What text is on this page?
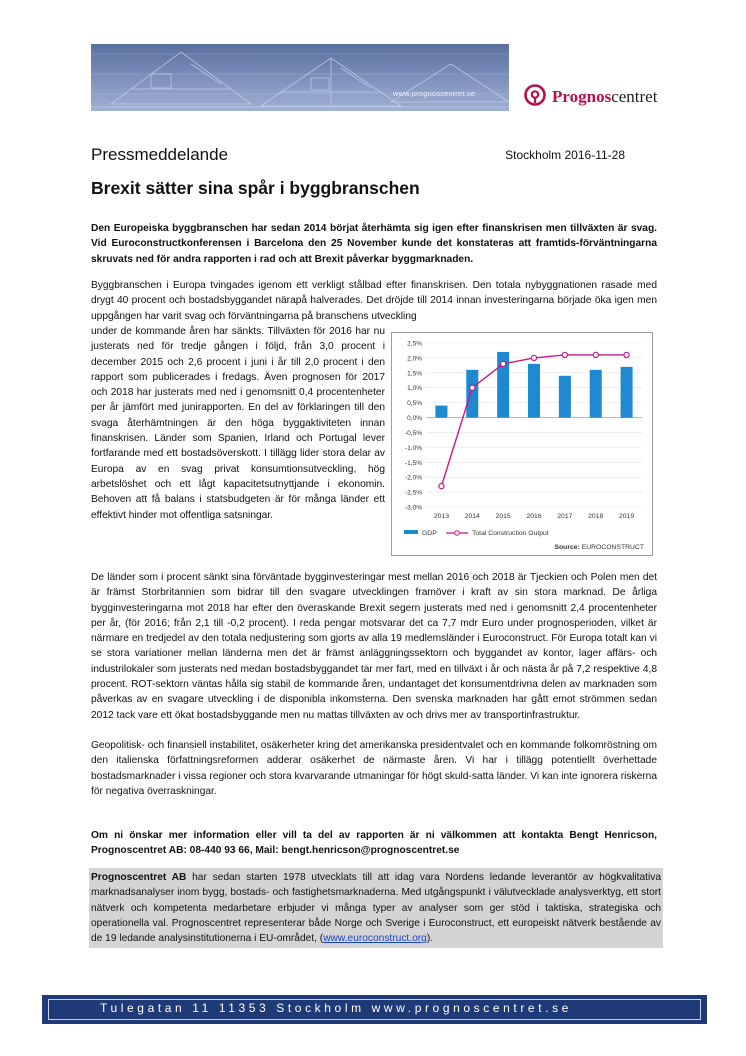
www.prognoscentret.se	Prognoscentret
Pressmeddelande	Stockholm 2016-11-28
Brexit sätter sina spår i byggbranschen

Den Europeiska byggbranschen har sedan 2014 börjat återhämta sig igen efter finanskrisen men tillväxten är svag. Vid Euroconstructkonferensen i Barcelona den 25 November kunde det konstateras att framtids-förväntningarna skruvats ned för andra rapporten i rad och att Brexit påverkar byggmarknaden.

Byggbranschen i Europa tvingades igenom ett verkligt stålbad efter finanskrisen. Den totala nybyggnationen rasade med drygt 40 procent och bostadsbyggandet närapå halverades. Det dröjde till 2014 innan investeringarna började öka igen men uppgången har varit svag och förväntningarna på branschens utveckling

under de kommande åren har sänkts. Tillväxten för 2016 har nu justerats ned för tredje gången i följd, från 3,0 procent i december 2015 och 2,6 procent i juni i år till 2,0 procent i den rapport som publicerades i fredags. Även prognosen för 2017 och 2018 har justerats med ned i genomsnitt 0,4 procentenheter per år jämfört med junirapporten. En del av förklaringen till den svaga återhämtningen är den höga byggaktiviteten innan finanskrisen. Länder som Spanien, Irland och Portugal lever fortfarande med ett bostadsöverskott. I tillägg lider stora delar av Europa av en svag privat konsumtionsutveckling, hög arbetslöshet och ett lågt kapacitetsutnyttjande i ekonomin. Behoven att få balans i statsbudgeten är för många länder ett effektivt hinder mot offentliga satsningar.
2,5%
2,0%
1,5%
1,0%
0,5%
0,0%
-0,5%
-1,0%
-1,5%
-2,0%
-2,5%
-3,0%
2013 2014 2015 2016 2017 2018 2019
GDP	Total Construction Output
Source: EUROCONSTRUCT

De länder som i procent sänkt sina förväntade bygginvesteringar mest mellan 2016 och 2018 är Tjeckien och Polen men det är främst Storbritannien som bidrar till den svagare utvecklingen framöver i kraft av sin stora marknad. De årliga bygginvesteringarna mot 2018 har efter den överaskande Brexit segern justerats med ned i genomsnitt 2,4 procentenheter per år, (för 2016; från 2,1 till -0,2 procent). I reda pengar motsvarar det ca 7,7 mdr Euro under prognosperioden, vilket är närmare en tredjedel av den totala nedjustering som gjorts av alla 19 medlemsländer i Euroconstruct. För Europa totalt kan vi se stora variationer mellan länderna men det är främst anläggningssektorn och byggandet av kontor, lager affärs- och industrilokaler som justerats ned medan bostadsbyggandet tar mer fart, med en tillväxt i år och nästa år på 7,2 respektive 4,8 procent. ROT-sektorn väntas hålla sig stabil de kommande åren, undantaget det konsumentdrivna delen av marknaden som påverkas av en svagare utveckling i de disponibla inkomsterna. Den svenska marknaden har gått emot strömmen sedan 2012 tack vare ett ökat bostadsbyggande men nu mattas tillväxten av och drivs mer av transportinfrastruktur.

Geopolitisk- och finansiell instabilitet, osäkerheter kring det amerikanska presidentvalet och en kommande folkomröstning om den italienska författningsreformen adderar osäkerhet de närmaste åren. Vi har i tillägg potentiellt överhettade bostadsmarknader i vissa regioner och stora kvarvarande utmaningar för högt skuld-satta länder. Vi kan inte ignorera riskerna för negativa överraskningar.

Om ni önskar mer information eller vill ta del av rapporten är ni välkommen att kontakta Bengt Henricson, Prognoscentret AB: 08-440 93 66, Mail: bengt.henricson@prognoscentret.se

Prognoscentret AB har sedan starten 1978 utvecklats till att idag vara Nordens ledande leverantör av högkvalitativa marknadsanalyser inom bygg, bostads- och fastighetsmarknaderna. Med utgångspunkt i välutvecklade analysverktyg, ett stort nätverk och kompetenta medarbetare erbjuder vi många typer av analyser som ger stöd i taktiska, strategiska och operationella val. Prognoscentret representerar både Norge och Sverige i Euroconstruct, ett europeiskt nätverk bestående av de 19 ledande analysinstitutionerna i EU-området, (www.euroconstruct.org).

Tulegatan 11 11353 Stockholm www.prognoscentret.se
